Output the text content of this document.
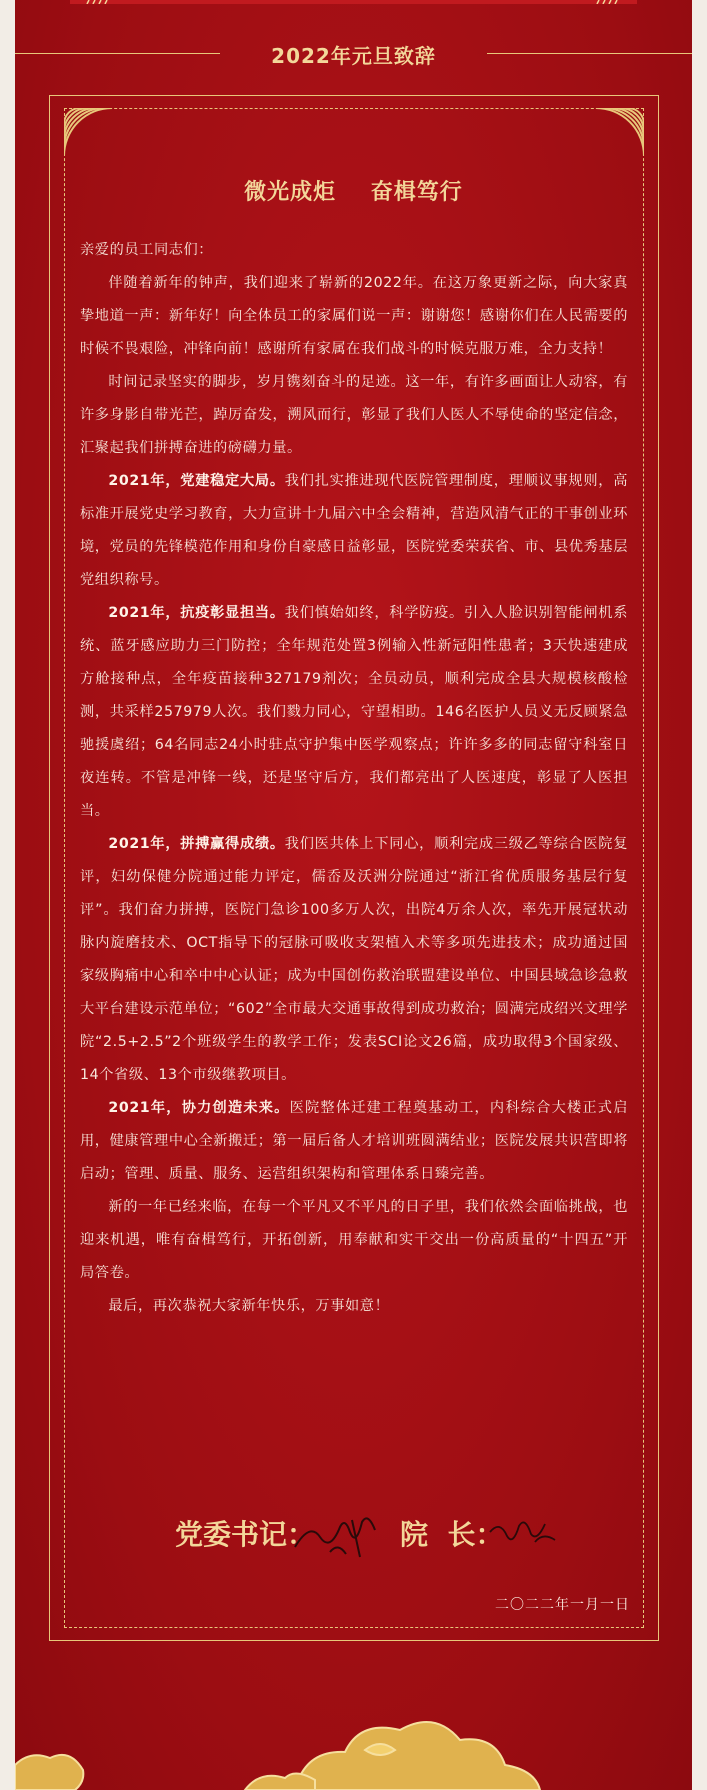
2022年元旦致辞
微光成炬    奋楫笃行

亲爱的员工同志们：

伴随着新年的钟声，我们迎来了崭新的2022年。在这万象更新之际，向大家真挚地道一声：新年好！向全体员工的家属们说一声：谢谢您！感谢你们在人民需要的时候不畏艰险，冲锋向前！感谢所有家属在我们战斗的时候克服万难，全力支持！

时间记录坚实的脚步，岁月镌刻奋斗的足迹。这一年，有许多画面让人动容，有许多身影自带光芒，踔厉奋发，溯风而行，彰显了我们人医人不辱使命的坚定信念，汇聚起我们拼搏奋进的磅礴力量。

2021年，党建稳定大局。我们扎实推进现代医院管理制度，理顺议事规则，高标准开展党史学习教育，大力宣讲十九届六中全会精神，营造风清气正的干事创业环境，党员的先锋模范作用和身份自豪感日益彰显，医院党委荣获省、市、县优秀基层党组织称号。

2021年，抗疫彰显担当。我们慎始如终，科学防疫。引入人脸识别智能闸机系统、蓝牙感应助力三门防控；全年规范处置3例输入性新冠阳性患者；3天快速建成方舱接种点，全年疫苗接种327179剂次；全员动员，顺利完成全县大规模核酸检测，共采样257979人次。我们戮力同心，守望相助。146名医护人员义无反顾紧急驰援虞绍；64名同志24小时驻点守护集中医学观察点；许许多多的同志留守科室日夜连转。不管是冲锋一线，还是坚守后方，我们都亮出了人医速度，彰显了人医担当。

2021年，拼搏赢得成绩。我们医共体上下同心，顺利完成三级乙等综合医院复评，妇幼保健分院通过能力评定，儒岙及沃洲分院通过“浙江省优质服务基层行复评”。我们奋力拼搏，医院门急诊100多万人次，出院4万余人次，率先开展冠状动脉内旋磨技术、OCT指导下的冠脉可吸收支架植入术等多项先进技术；成功通过国家级胸痛中心和卒中中心认证；成为中国创伤救治联盟建设单位、中国县域急诊急救大平台建设示范单位；“602”全市最大交通事故得到成功救治；圆满完成绍兴文理学院“2.5+2.5”2个班级学生的教学工作；发表SCI论文26篇，成功取得3个国家级、14个省级、13个市级继教项目。

2021年，协力创造未来。医院整体迁建工程奠基动工，内科综合大楼正式启用，健康管理中心全新搬迁；第一届后备人才培训班圆满结业；医院发展共识营即将启动；管理、质量、服务、运营组织架构和管理体系日臻完善。

新的一年已经来临，在每一个平凡又不平凡的日子里，我们依然会面临挑战，也迎来机遇，唯有奋楫笃行，开拓创新，用奉献和实干交出一份高质量的“十四五”开局答卷。

最后，再次恭祝大家新年快乐，万事如意！

党委书记：	院  长：
二〇二二年一月一日
